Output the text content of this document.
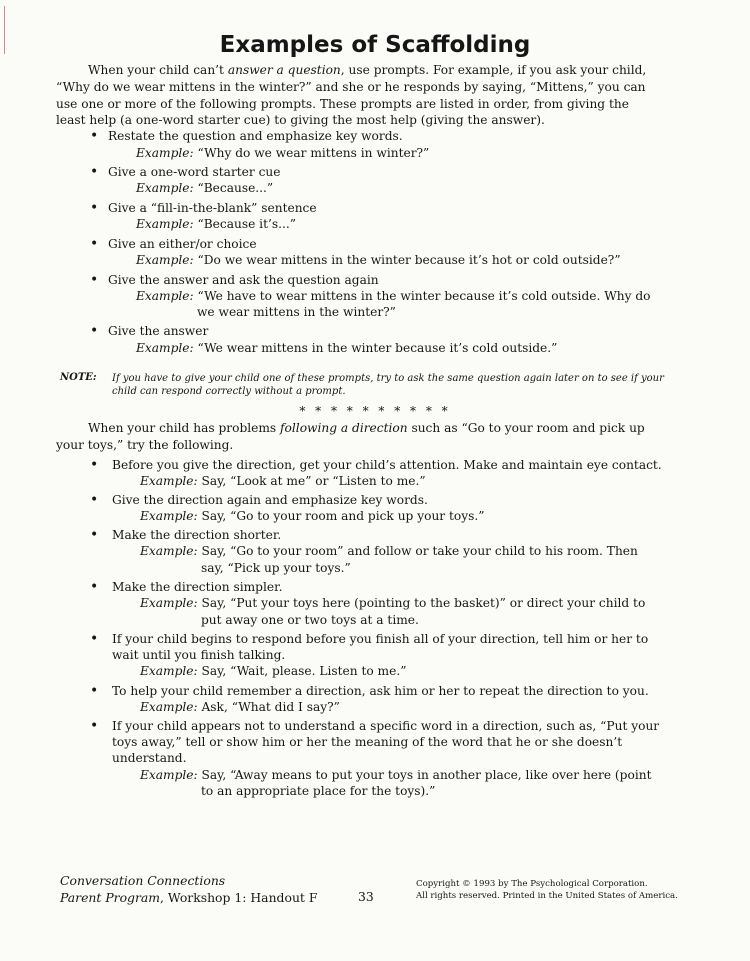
Examples of Scaffolding

When your child can’t answer a question, use prompts. For example, if you ask your child, “Why do we wear mittens in the winter?” and she or he responds by saying, “Mittens,” you can use one or more of the following prompts. These prompts are listed in order, from giving the least help (a one-word starter cue) to giving the most help (giving the answer).

• Restate the question and emphasize key words.
Example: “Why do we wear mittens in winter?”
• Give a one-word starter cue
Example: “Because...”
• Give a “fill-in-the-blank” sentence
Example: “Because it’s...”
• Give an either/or choice
Example: “Do we wear mittens in the winter because it’s hot or cold outside?”
• Give the answer and ask the question again
Example: “We have to wear mittens in the winter because it’s cold outside. Why do
we wear mittens in the winter?”
• Give the answer
Example: “We wear mittens in the winter because it’s cold outside.”
NOTE: If you have to give your child one of these prompts, try to ask the same question again later on to see if your child can respond correctly without a prompt.
* * * * * * * * * *

When your child has problems following a direction such as “Go to your room and pick up your toys,” try the following.

• Before you give the direction, get your child’s attention. Make and maintain eye contact.
Example: Say, “Look at me” or “Listen to me.”
• Give the direction again and emphasize key words.
Example: Say, “Go to your room and pick up your toys.”
• Make the direction shorter.
Example: Say, “Go to your room” and follow or take your child to his room. Then
say, “Pick up your toys.”
• Make the direction simpler.
Example: Say, “Put your toys here (pointing to the basket)” or direct your child to
put away one or two toys at a time.
• If your child begins to respond before you finish all of your direction, tell him or her to
wait until you finish talking.
Example: Say, “Wait, please. Listen to me.”
• To help your child remember a direction, ask him or her to repeat the direction to you.
Example: Ask, “What did I say?”
• If your child appears not to understand a specific word in a direction, such as, “Put your
toys away,” tell or show him or her the meaning of the word that he or she doesn’t
understand.
Example: Say, “Away means to put your toys in another place, like over here (point
to an appropriate place for the toys).”
Conversation Connections
Parent Program, Workshop 1: Handout F	33
Copyright © 1993 by The Psychological Corporation.
All rights reserved. Printed in the United States of America.
